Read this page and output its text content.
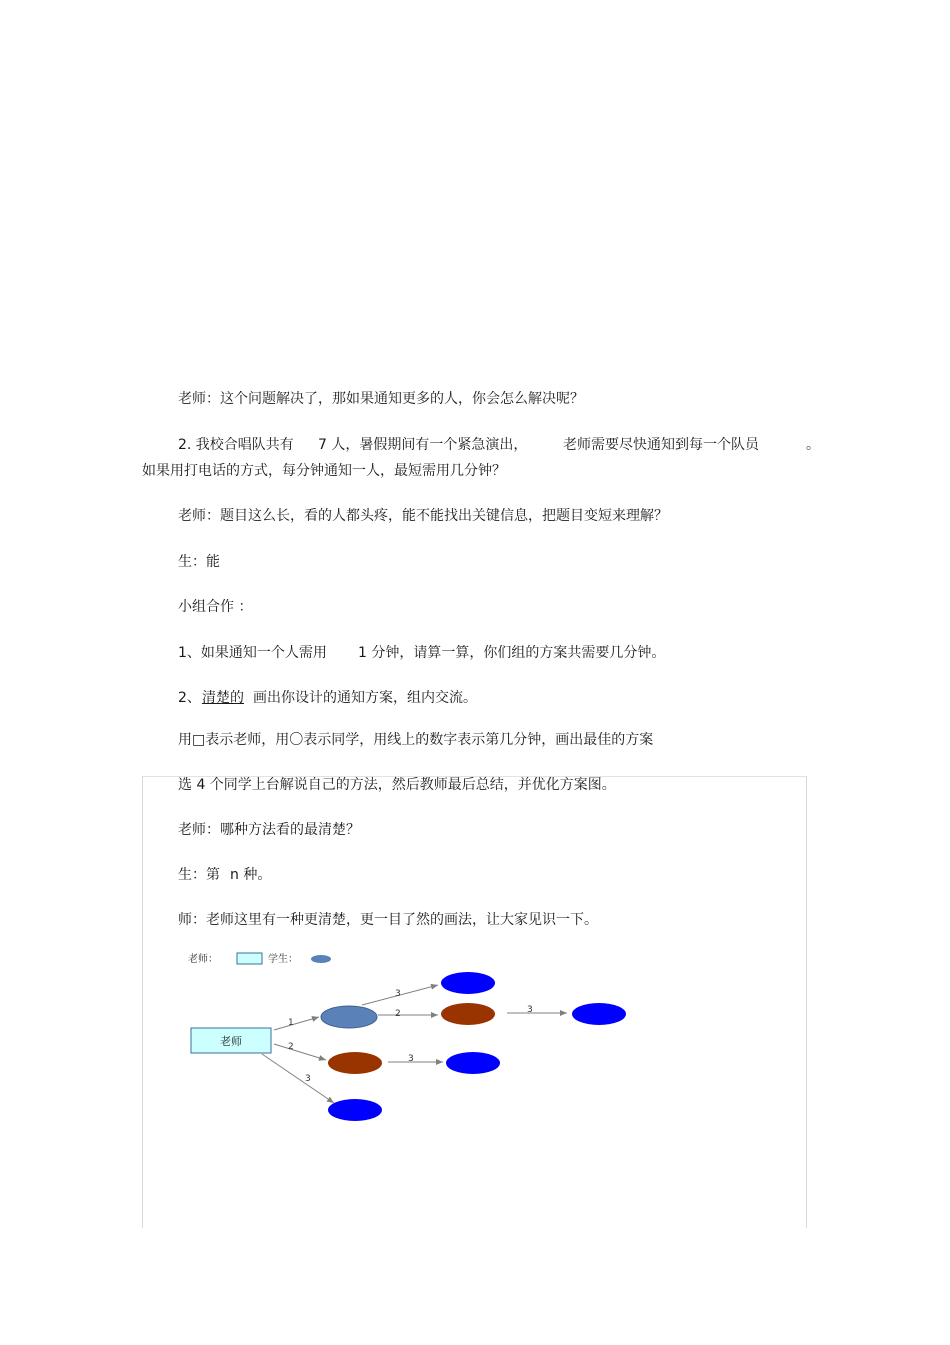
老师：这个问题解决了，那如果通知更多的人，你会怎么解决呢？
2. 我校合唱队共有 7 人，暑假期间有一个紧急演出，	老师需要尽快通知到每一个队员	。
如果用打电话的方式，每分钟通知一人，最短需用几分钟？
老师：题目这么长，看的人都头疼，能不能找出关键信息，把题目变短来理解？
生：能
小组合作 ：
1、如果通知一个人需用 1 分钟，请算一算，你们组的方案共需要几分钟。
2、 清楚的 画出你设计的通知方案，组内交流。
用□表示老师，用〇表示同学，用线上的数字表示第几分钟，画出最佳的方案
选 4 个同学上台解说自己的方法，然后教师最后总结，并优化方案图。
老师：哪种方法看的最清楚？
生：第 n 种。
师：老师这里有一种更清楚，更一目了然的画法，让大家见识一下。
老师：	学生：
1
2
3
3
2	3
3
老师
